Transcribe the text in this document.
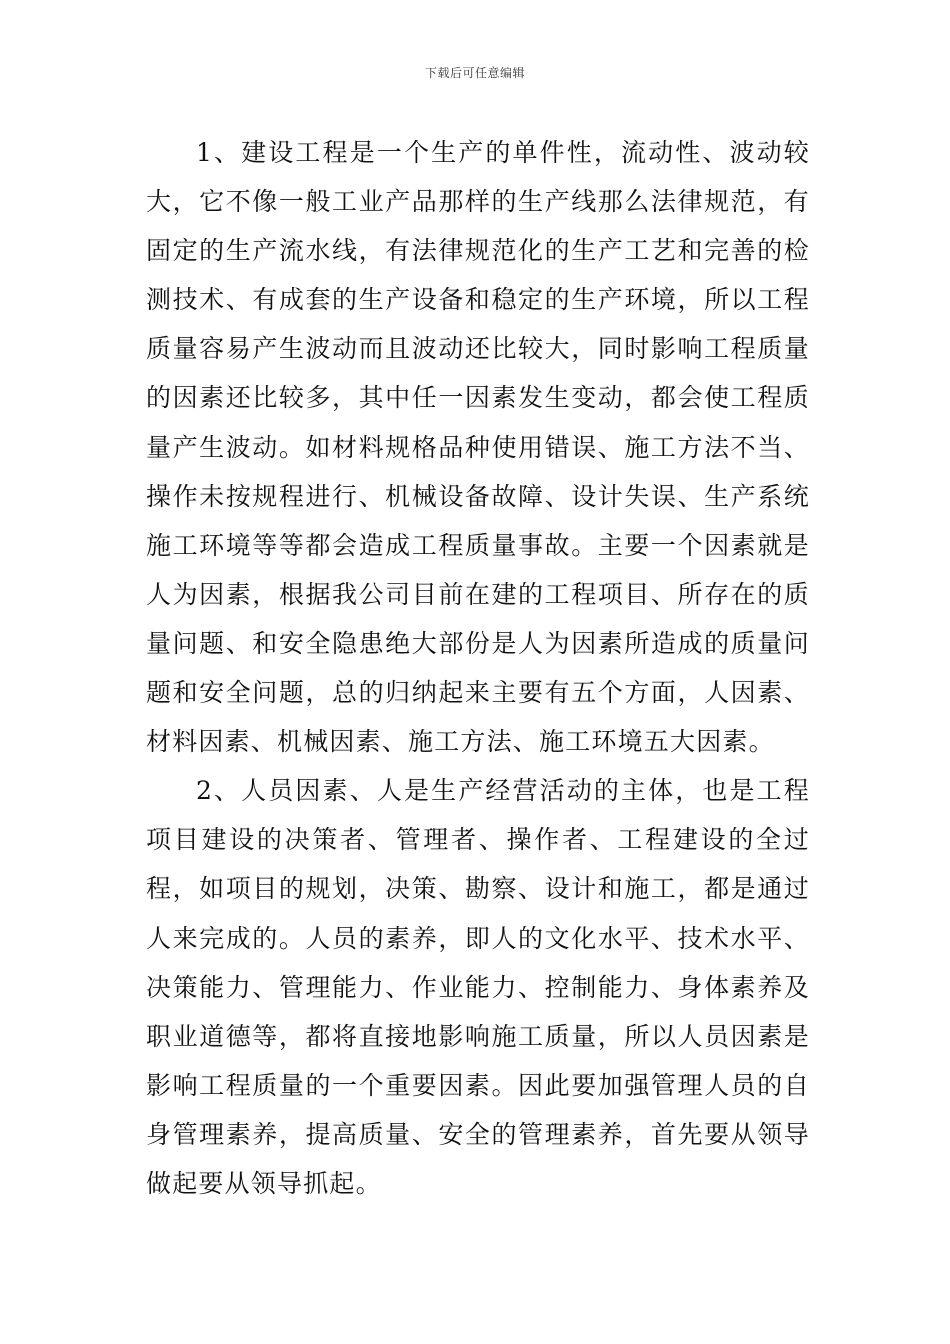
下载后可任意编辑

1、建设工程是一个生产的单件性，流动性、波动较大，它不像一般工业产品那样的生产线那么法律规范，有固定的生产流水线，有法律规范化的生产工艺和完善的检测技术、有成套的生产设备和稳定的生产环境，所以工程质量容易产生波动而且波动还比较大，同时影响工程质量的因素还比较多，其中任一因素发生变动，都会使工程质量产生波动。如材料规格品种使用错误、施工方法不当、操作未按规程进行、机械设备故障、设计失误、生产系统施工环境等等都会造成工程质量事故。主要一个因素就是人为因素，根据我公司目前在建的工程项目、所存在的质量问题、和安全隐患绝大部份是人为因素所造成的质量问题和安全问题，总的归纳起来主要有五个方面，人因素、材料因素、机械因素、施工方法、施工环境五大因素。

2、人员因素、人是生产经营活动的主体，也是工程项目建设的决策者、管理者、操作者、工程建设的全过程，如项目的规划，决策、勘察、设计和施工，都是通过人来完成的。人员的素养，即人的文化水平、技术水平、决策能力、管理能力、作业能力、控制能力、身体素养及职业道德等，都将直接地影响施工质量，所以人员因素是影响工程质量的一个重要因素。因此要加强管理人员的自身管理素养，提高质量、安全的管理素养，首先要从领导做起要从领导抓起。
